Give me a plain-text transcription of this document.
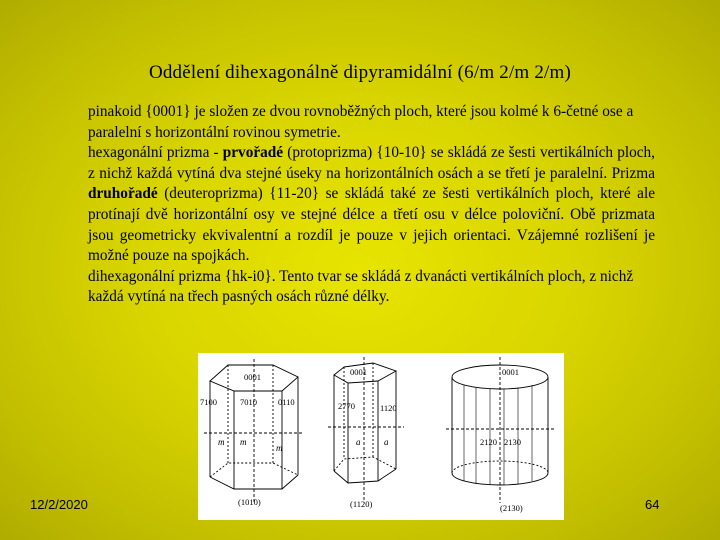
Oddělení dihexagonálně dipyramidální (6/m 2/m 2/m)

pinakoid {0001} je složen ze dvou rovnoběžných ploch, které jsou kolmé k 6-četné ose a paralelní s horizontální rovinou symetrie.

hexagonální prizma - prvořadé (protoprizma) {10-10} se skládá ze šesti vertikálních ploch, z nichž každá vytíná dva stejné úseky na horizontálních osách a se třetí je paralelní. Prizma druhořadé (deuteroprizma) {11-20} se skládá také ze šesti vertikálních ploch, které ale protínají dvě horizontální osy ve stejné délce a třetí osu v délce poloviční. Obě prizmata jsou geometricky ekvivalentní a rozdíl je pouze v jejich orientaci. Vzájemné rozlišení je možné pouze na spojkách.

dihexagonální prizma {hk-i0}. Tento tvar se skládá z dvanácti vertikálních ploch, z nichž každá vytíná na třech pasných osách různé délky.

0001
7100	7010 0110
m m
m
(1010)
0001
2770	1120
a	a
(1120)
0001
2120 2130
(2130)
12/2/2020	64
